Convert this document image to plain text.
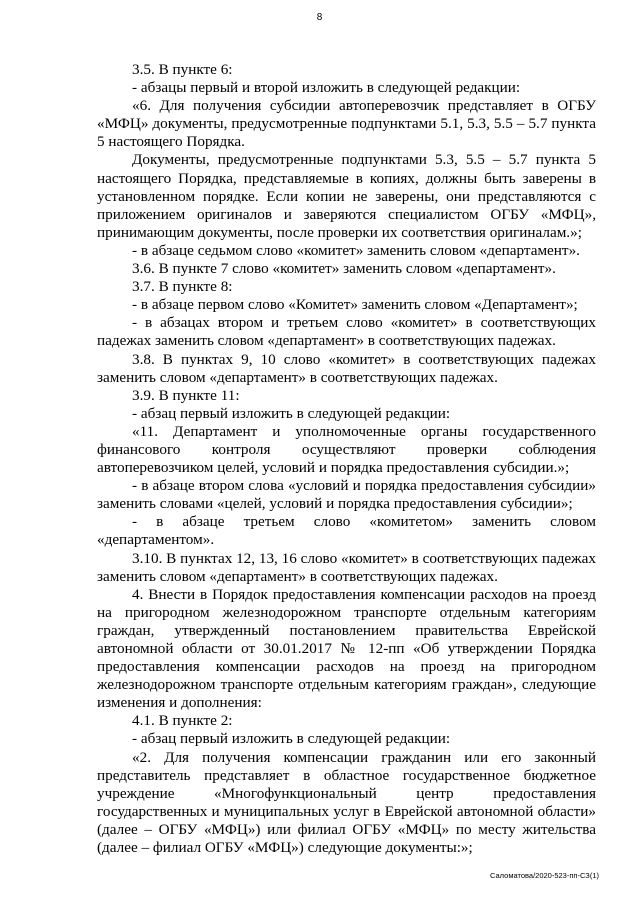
8

3.5. В пункте 6:

- абзацы первый и второй изложить в следующей редакции:

«6. Для получения субсидии автоперевозчик представляет в ОГБУ «МФЦ» документы, предусмотренные подпунктами 5.1, 5.3, 5.5 – 5.7 пункта 5 настоящего Порядка.

Документы, предусмотренные подпунктами 5.3, 5.5 – 5.7 пункта 5 настоящего Порядка, представляемые в копиях, должны быть заверены в установленном порядке. Если копии не заверены, они представляются с приложением оригиналов и заверяются специалистом ОГБУ «МФЦ», принимающим документы, после проверки их соответствия оригиналам.»;

- в абзаце седьмом слово «комитет» заменить словом «департамент».

3.6. В пункте 7 слово «комитет» заменить словом «департамент».

3.7. В пункте 8:

- в абзаце первом слово «Комитет» заменить словом «Департамент»;

- в абзацах втором и третьем слово «комитет» в соответствующих падежах заменить словом «департамент» в соответствующих падежах.

3.8. В пунктах 9, 10 слово «комитет» в соответствующих падежах заменить словом «департамент» в соответствующих падежах.

3.9. В пункте 11:

- абзац первый изложить в следующей редакции:

«11. Департамент и уполномоченные органы государственного финансового контроля осуществляют проверки соблюдения автоперевозчиком целей, условий и порядка предоставления субсидии.»;

- в абзаце втором слова «условий и порядка предоставления субсидии» заменить словами «целей, условий и порядка предоставления субсидии»;

- в абзаце третьем слово «комитетом» заменить словом «департаментом».

3.10. В пунктах 12, 13, 16 слово «комитет» в соответствующих падежах заменить словом «департамент» в соответствующих падежах.

4. Внести в Порядок предоставления компенсации расходов на проезд на пригородном железнодорожном транспорте отдельным категориям граждан, утвержденный постановлением правительства Еврейской автономной области от 30.01.2017 № 12-пп «Об утверждении Порядка предоставления компенсации расходов на проезд на пригородном железнодорожном транспорте отдельным категориям граждан», следующие изменения и дополнения:

4.1. В пункте 2:

- абзац первый изложить в следующей редакции:

«2. Для получения компенсации гражданин или его законный представитель представляет в областное государственное бюджетное учреждение «Многофункциональный центр предоставления государственных и муниципальных услуг в Еврейской автономной области» (далее – ОГБУ «МФЦ») или филиал ОГБУ «МФЦ» по месту жительства (далее – филиал ОГБУ «МФЦ») следующие документы:»;

Саломатова/2020-523-пп-СЗ(1)
